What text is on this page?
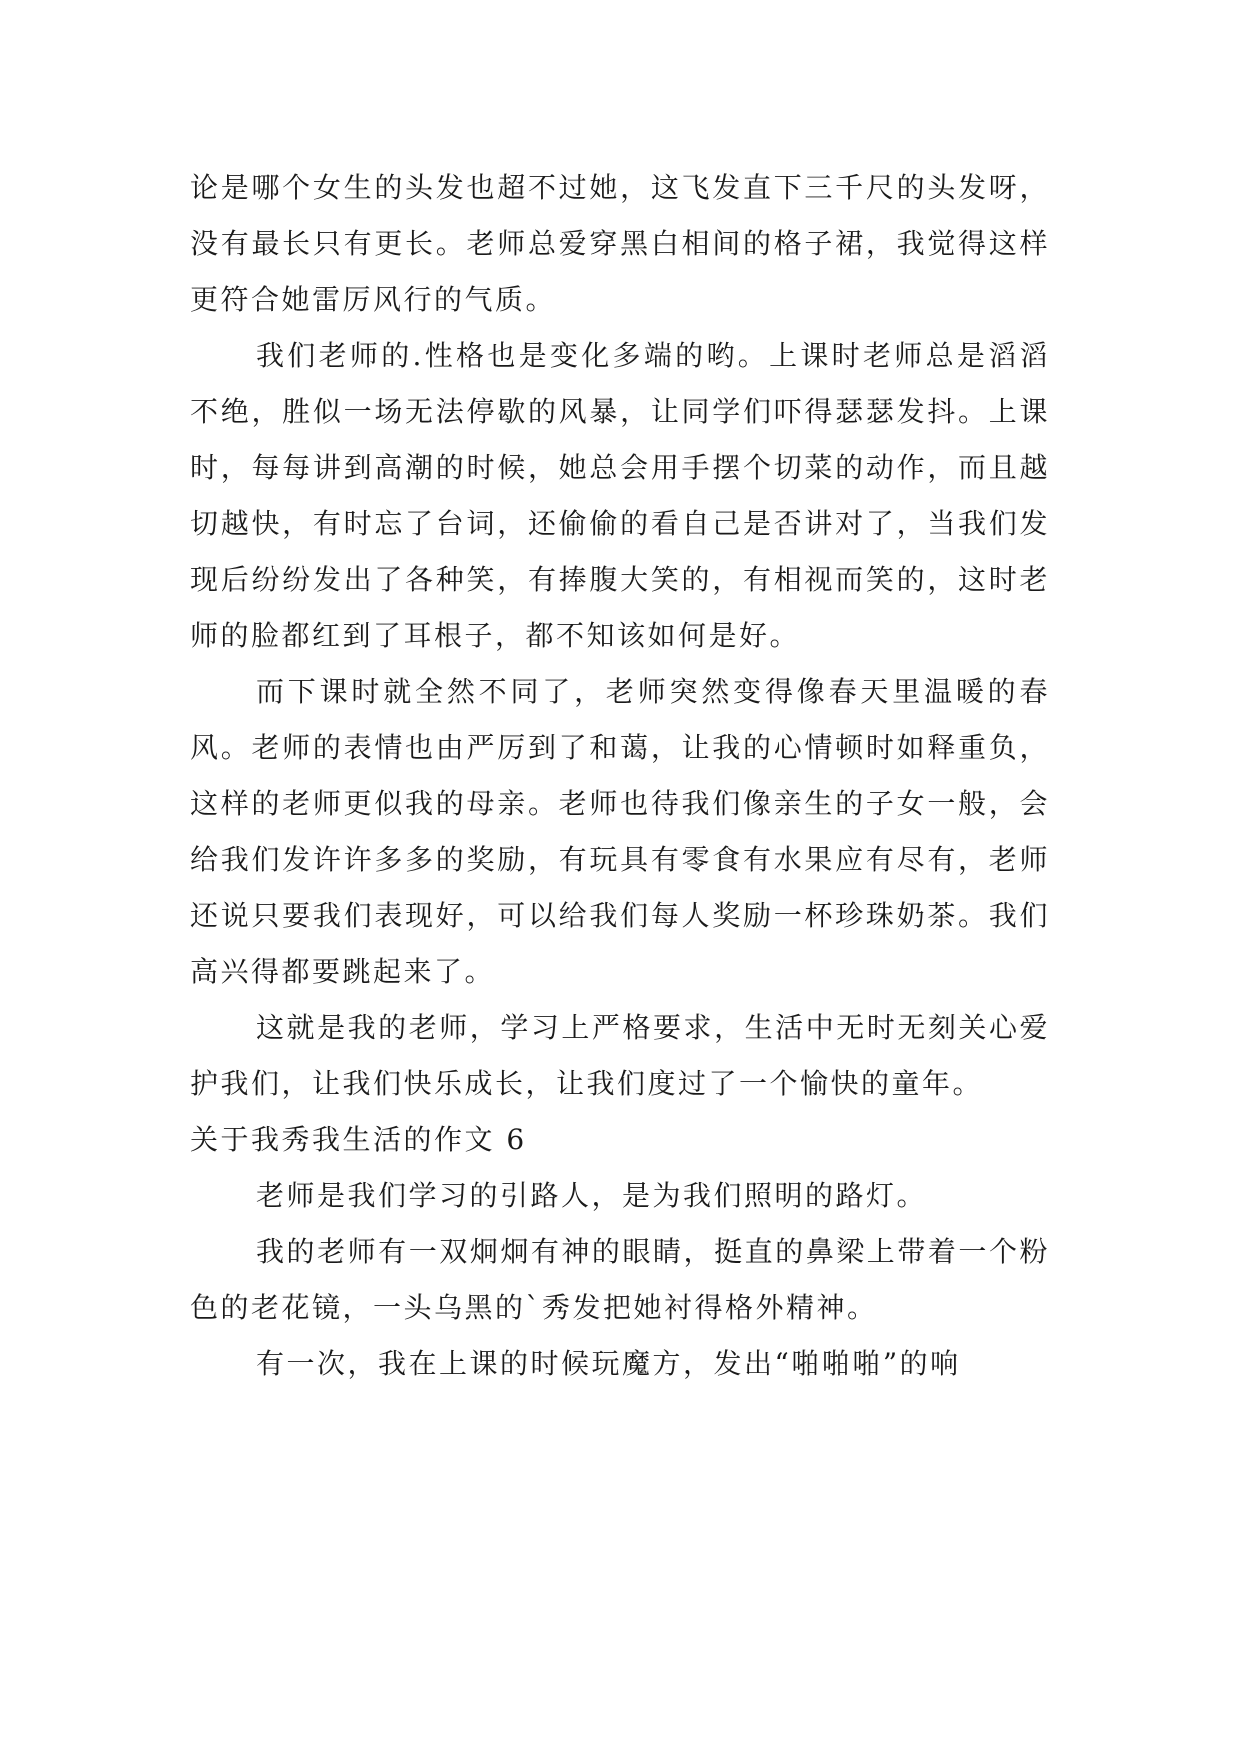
论是哪个女生的头发也超不过她，这飞发直下三千尺的头发呀，没有最长只有更长。老师总爱穿黑白相间的格子裙，我觉得这样更符合她雷厉风行的气质。

我们老师的.性格也是变化多端的哟。上课时老师总是滔滔不绝，胜似一场无法停歇的风暴，让同学们吓得瑟瑟发抖。上课时，每每讲到高潮的时候，她总会用手摆个切菜的动作，而且越切越快，有时忘了台词，还偷偷的看自己是否讲对了，当我们发现后纷纷发出了各种笑，有捧腹大笑的，有相视而笑的，这时老师的脸都红到了耳根子，都不知该如何是好。

而下课时就全然不同了，老师突然变得像春天里温暖的春风。老师的表情也由严厉到了和蔼，让我的心情顿时如释重负，这样的老师更似我的母亲。老师也待我们像亲生的子女一般，会给我们发许许多多的奖励，有玩具有零食有水果应有尽有，老师还说只要我们表现好，可以给我们每人奖励一杯珍珠奶茶。我们高兴得都要跳起来了。

这就是我的老师，学习上严格要求，生活中无时无刻关心爱护我们，让我们快乐成长，让我们度过了一个愉快的童年。

关于我秀我生活的作文 6

老师是我们学习的引路人，是为我们照明的路灯。

我的老师有一双炯炯有神的眼睛，挺直的鼻梁上带着一个粉色的老花镜，一头乌黑的`秀发把她衬得格外精神。

有一次，我在上课的时候玩魔方，发出“啪啪啪”的响
